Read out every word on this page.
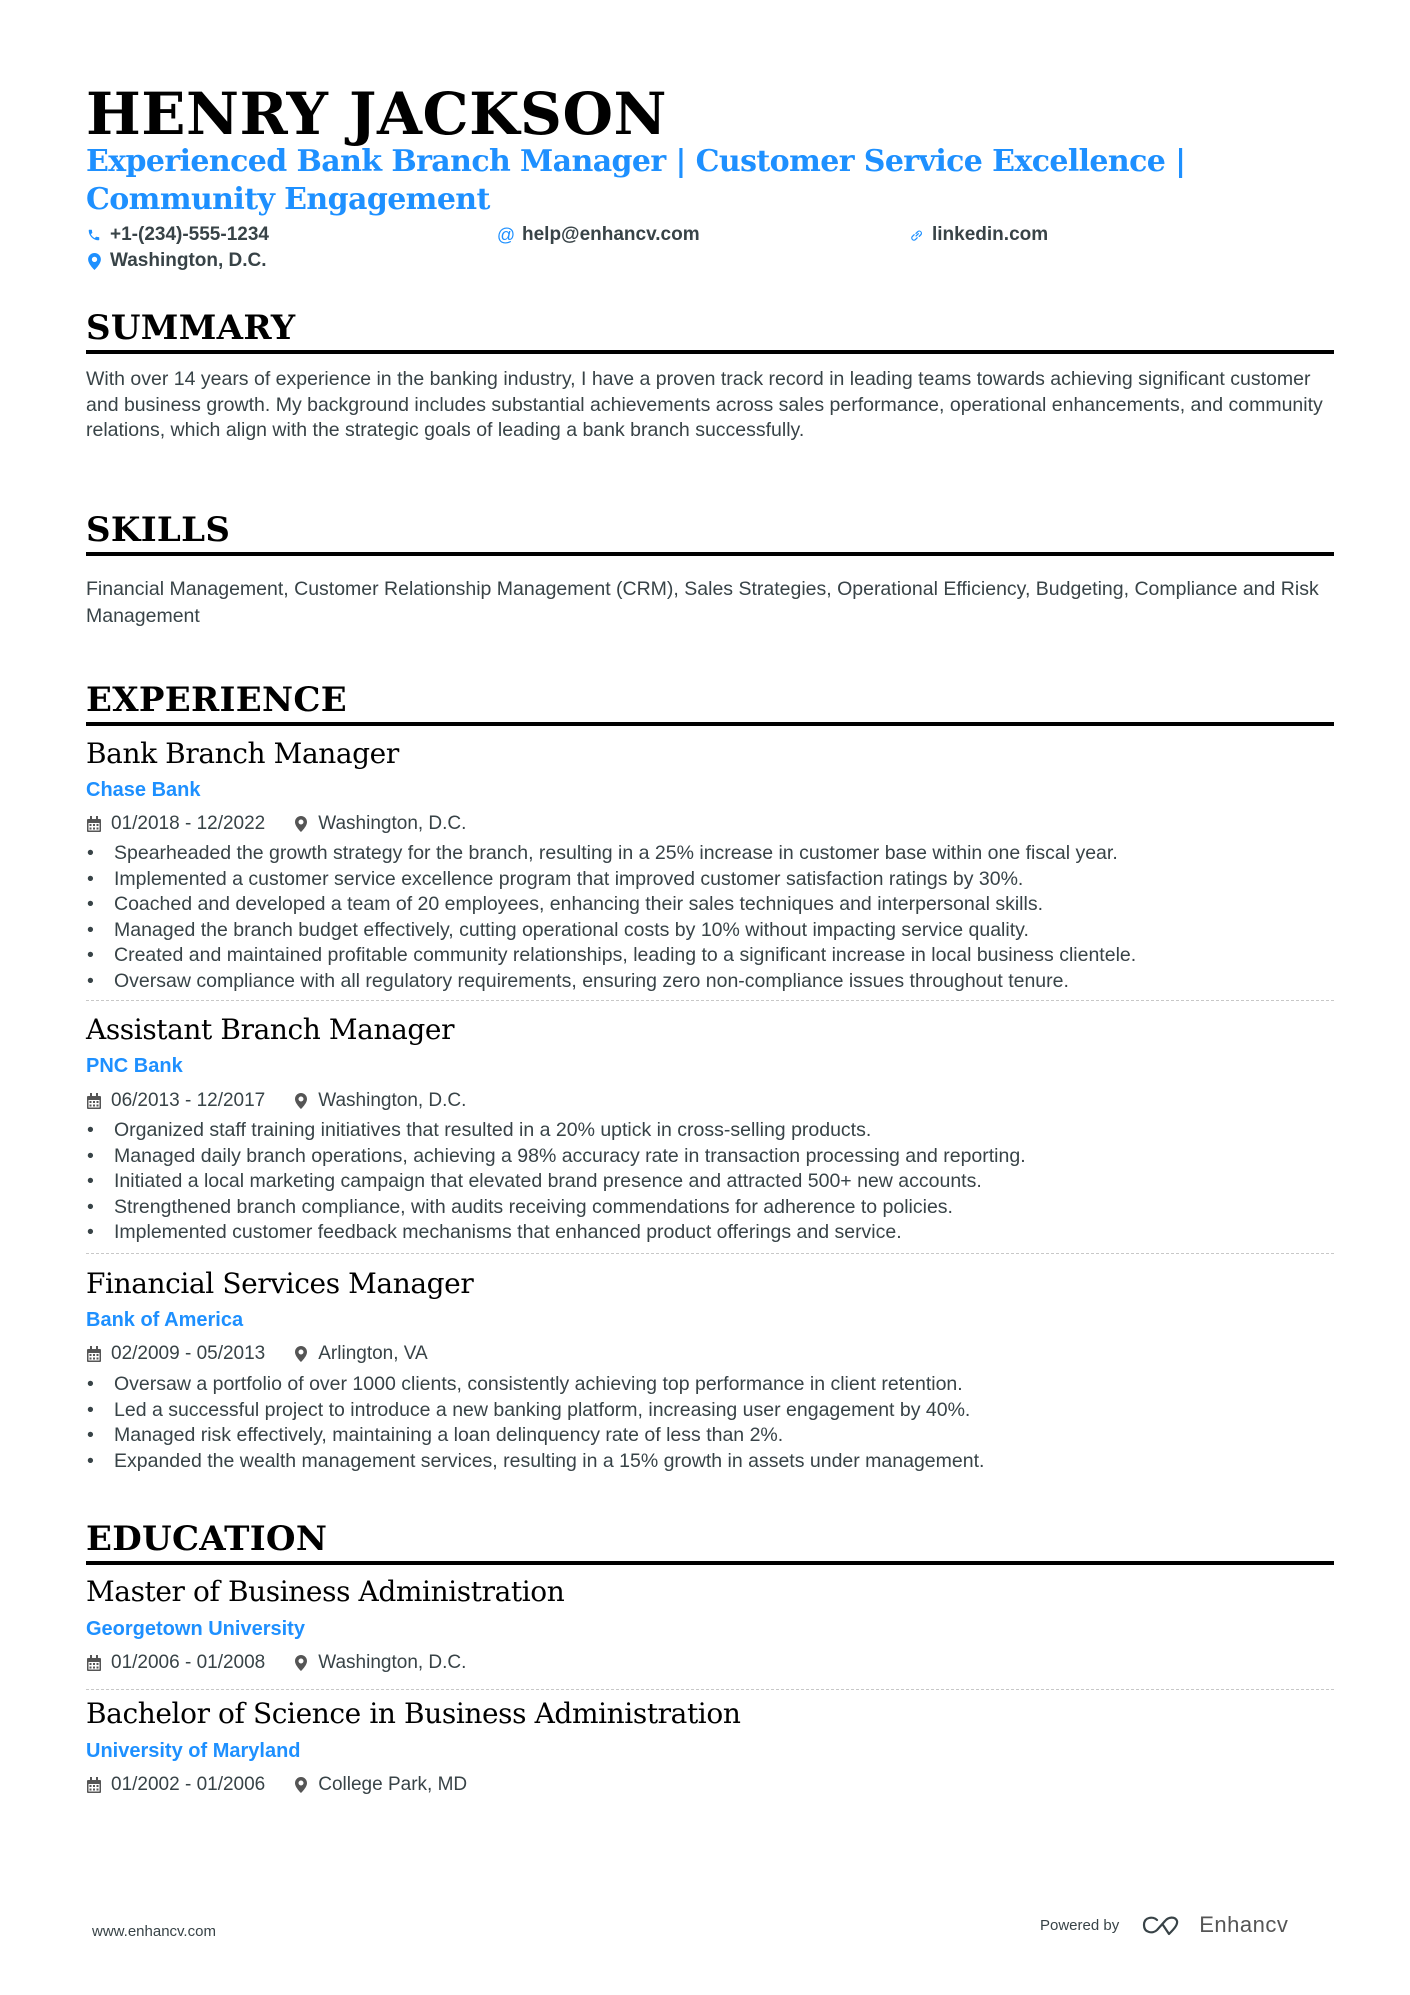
HENRY JACKSON
Experienced Bank Branch Manager | Customer Service Excellence | Community Engagement
+1-(234)-555-1234	@ help@enhancv.com	linkedin.com
Washington, D.C.
SUMMARY
With over 14 years of experience in the banking industry, I have a proven track record in leading teams towards achieving significant customer and business growth. My background includes substantial achievements across sales performance, operational enhancements, and community relations, which align with the strategic goals of leading a bank branch successfully.
SKILLS
Financial Management, Customer Relationship Management (CRM), Sales Strategies, Operational Efficiency, Budgeting, Compliance and Risk Management
EXPERIENCE
Bank Branch Manager
Chase Bank
01/2018 - 12/2022	Washington, D.C.
• Spearheaded the growth strategy for the branch, resulting in a 25% increase in customer base within one fiscal year.
• Implemented a customer service excellence program that improved customer satisfaction ratings by 30%.
• Coached and developed a team of 20 employees, enhancing their sales techniques and interpersonal skills.
• Managed the branch budget effectively, cutting operational costs by 10% without impacting service quality.
• Created and maintained profitable community relationships, leading to a significant increase in local business clientele.
• Oversaw compliance with all regulatory requirements, ensuring zero non-compliance issues throughout tenure.
Assistant Branch Manager
PNC Bank
06/2013 - 12/2017	Washington, D.C.
• Organized staff training initiatives that resulted in a 20% uptick in cross-selling products.
• Managed daily branch operations, achieving a 98% accuracy rate in transaction processing and reporting.
• Initiated a local marketing campaign that elevated brand presence and attracted 500+ new accounts.
• Strengthened branch compliance, with audits receiving commendations for adherence to policies.
• Implemented customer feedback mechanisms that enhanced product offerings and service.
Financial Services Manager
Bank of America
02/2009 - 05/2013	Arlington, VA
• Oversaw a portfolio of over 1000 clients, consistently achieving top performance in client retention.
• Led a successful project to introduce a new banking platform, increasing user engagement by 40%.
• Managed risk effectively, maintaining a loan delinquency rate of less than 2%.
• Expanded the wealth management services, resulting in a 15% growth in assets under management.
EDUCATION
Master of Business Administration
Georgetown University
01/2006 - 01/2008	Washington, D.C.
Bachelor of Science in Business Administration
University of Maryland
01/2002 - 01/2006	College Park, MD
www.enhancv.com	Powered by	Enhancv
